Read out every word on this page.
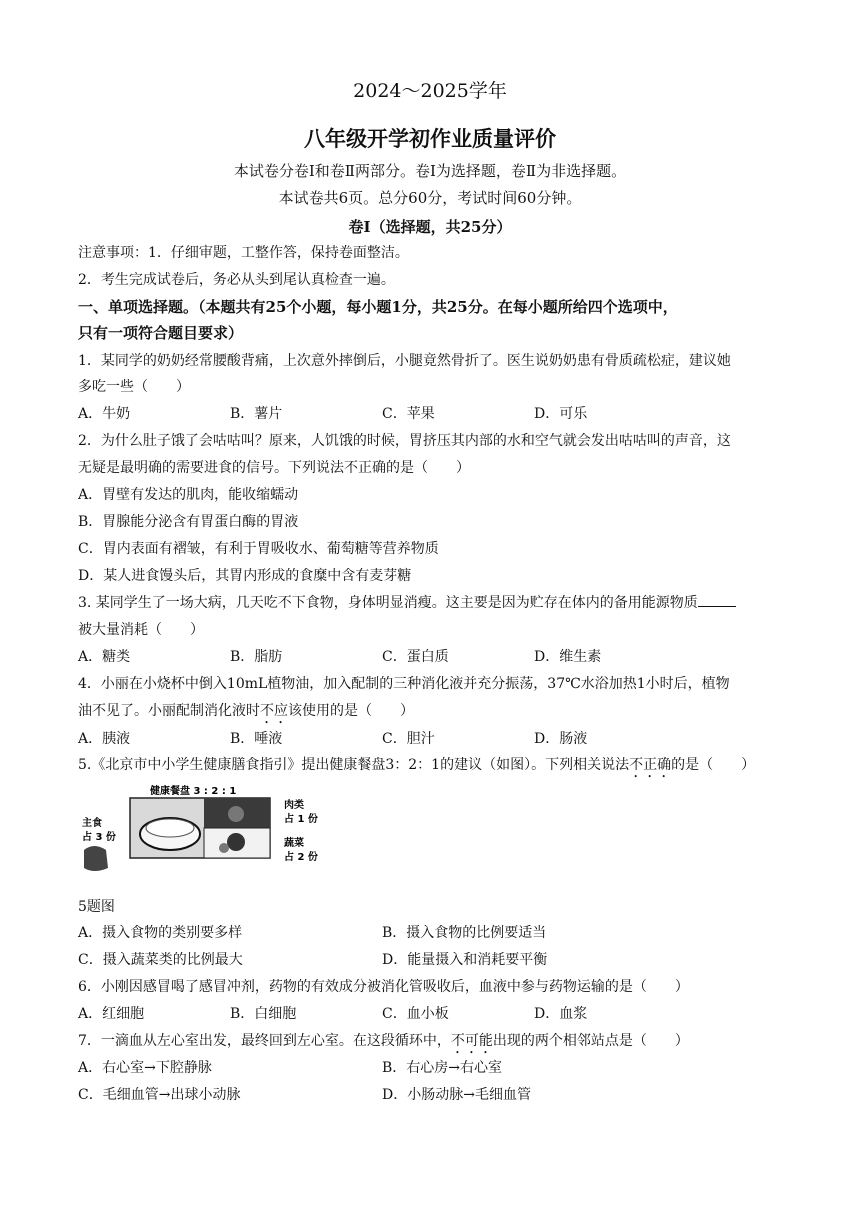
2024～2025学年
八年级开学初作业质量评价
本试卷分卷Ⅰ和卷Ⅱ两部分。卷Ⅰ为选择题，卷Ⅱ为非选择题。
本试卷共6页。总分60分，考试时间60分钟。
卷Ⅰ（选择题，共25分）
注意事项：1．仔细审题，工整作答，保持卷面整洁。
2．考生完成试卷后，务必从头到尾认真检查一遍。
一、单项选择题。（本题共有25个小题，每小题1分，共25分。在每小题所给四个选项中，
只有一项符合题目要求）
1．某同学的奶奶经常腰酸背痛，上次意外摔倒后，小腿竟然骨折了。医生说奶奶患有骨质疏松症，建议她
多吃一些（　　）
A．牛奶	B．薯片	C．苹果	D．可乐
2．为什么肚子饿了会咕咕叫？原来，人饥饿的时候，胃挤压其内部的水和空气就会发出咕咕叫的声音，这
无疑是最明确的需要进食的信号。下列说法不正确的是（　　）
A．胃壁有发达的肌肉，能收缩蠕动
B．胃腺能分泌含有胃蛋白酶的胃液
C．胃内表面有褶皱，有利于胃吸收水、葡萄糖等营养物质
D．某人进食馒头后，其胃内形成的食糜中含有麦芽糖
3. 某同学生了一场大病，几天吃不下食物，身体明显消瘦。这主要是因为贮存在体内的备用能源物质
被大量消耗（　　）
A．糖类	B．脂肪	C．蛋白质	D．维生素
4．小丽在小烧杯中倒入10mL植物油，加入配制的三种消化液并充分振荡，37℃水浴加热1小时后，植物
油不见了。小丽配制消化液时不应该使用的是（　　）
A．胰液	B．唾液	C．胆汁	D．肠液
5.《北京市中小学生健康膳食指引》提出健康餐盘3：2：1的建议（如图）。下列相关说法不正确的是（　　）
健康餐盘 3 : 2 : 1
肉类
占 1 份
蔬菜
占 2 份
主食
占 3 份
5题图
A．摄入食物的类别要多样	B．摄入食物的比例要适当
C．摄入蔬菜类的比例最大	D．能量摄入和消耗要平衡
6．小刚因感冒喝了感冒冲剂，药物的有效成分被消化管吸收后，血液中参与药物运输的是（　　）
A．红细胞	B．白细胞	C．血小板	D．血浆
7．一滴血从左心室出发，最终回到左心室。在这段循环中，不可能出现的两个相邻站点是（　　）
A．右心室→下腔静脉	B．右心房→右心室
C．毛细血管→出球小动脉	D．小肠动脉→毛细血管
